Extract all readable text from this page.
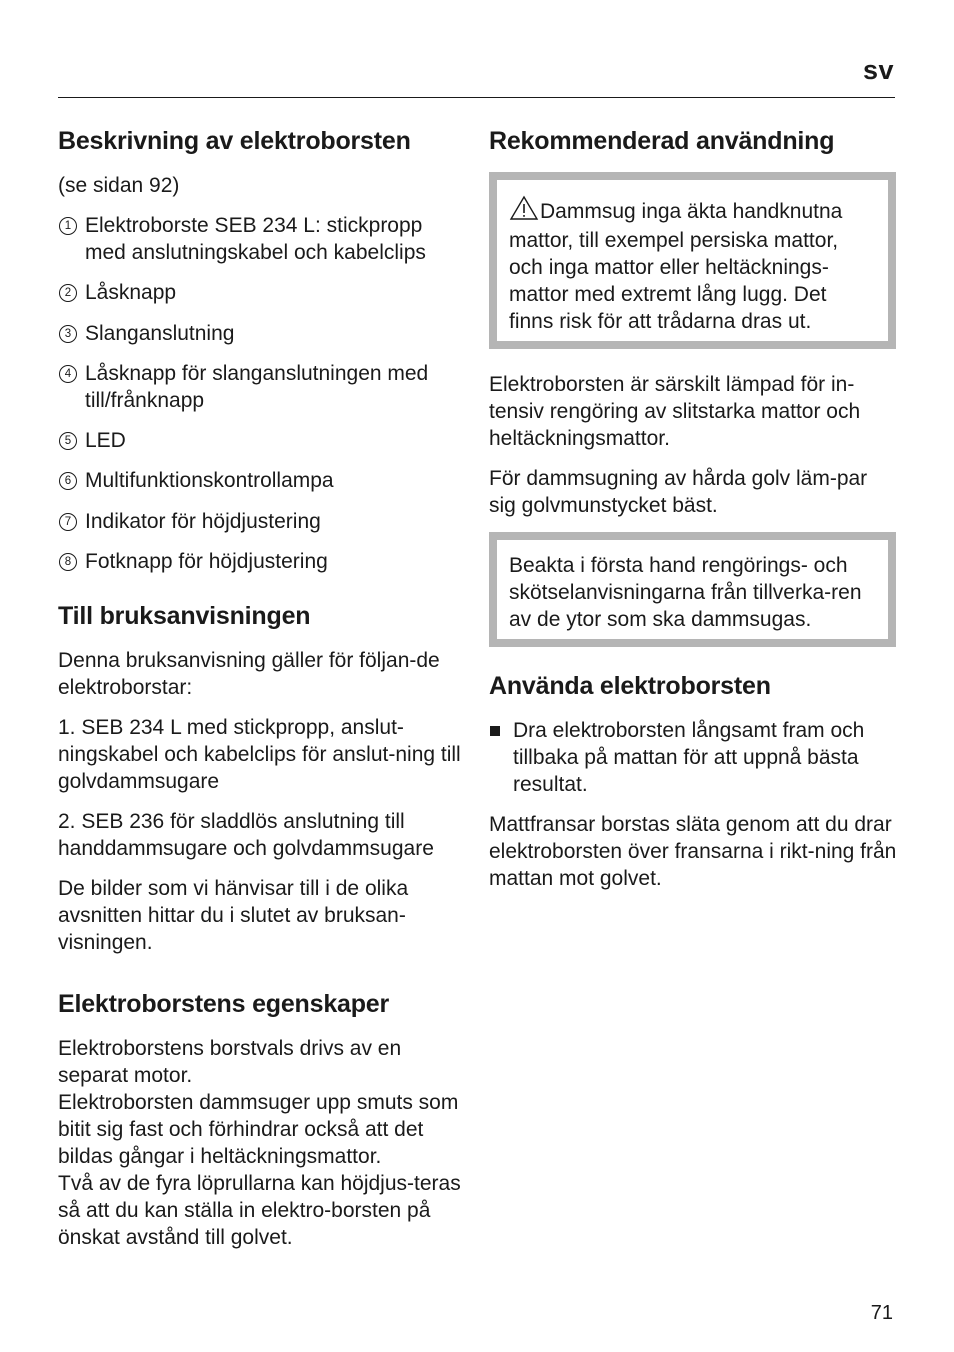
sv
Beskrivning av elektroborsten

(se sidan 92)

1 Elektroborste SEB 234 L: stickpropp med anslutningskabel och kabelclips
2 Låsknapp
3 Slanganslutning
4 Låsknapp för slanganslutningen med till/frånknapp
5 LED
6 Multifunktionskontrollampa
7 Indikator för höjdjustering
8 Fotknapp för höjdjustering
Till bruksanvisningen

Denna bruksanvisning gäller för följan-de elektroborstar:

1. SEB 234 L med stickpropp, anslut-ningskabel och kabelclips för anslut-ning till golvdammsugare

2. SEB 236 för sladdlös anslutning till handdammsugare och golvdammsugare

De bilder som vi hänvisar till i de olika avsnitten hittar du i slutet av bruksan-visningen.

Elektroborstens egenskaper

Elektroborstens borstvals drivs av en separat motor.

Elektroborsten dammsuger upp smuts som bitit sig fast och förhindrar också att det bildas gångar i heltäckningsmattor.

Två av de fyra löprullarna kan höjdjus-teras så att du kan ställa in elektro-borsten på önskat avstånd till golvet.

Rekommenderad användning

Dammsug inga äkta handknutna mattor, till exempel persiska mattor, och inga mattor eller heltäcknings-mattor med extremt lång lugg. Det finns risk för att trådarna dras ut.

Elektroborsten är särskilt lämpad för in-tensiv rengöring av slitstarka mattor och heltäckningsmattor.

För dammsugning av hårda golv läm-par sig golvmunstycket bäst.

Beakta i första hand rengörings- och skötselanvisningarna från tillverka-ren av de ytor som ska dammsugas.

Använda elektroborsten
Dra elektroborsten långsamt fram och tillbaka på mattan för att uppnå bästa resultat.

Mattfransar borstas släta genom att du drar elektroborsten över fransarna i rikt-ning från mattan mot golvet.

71
